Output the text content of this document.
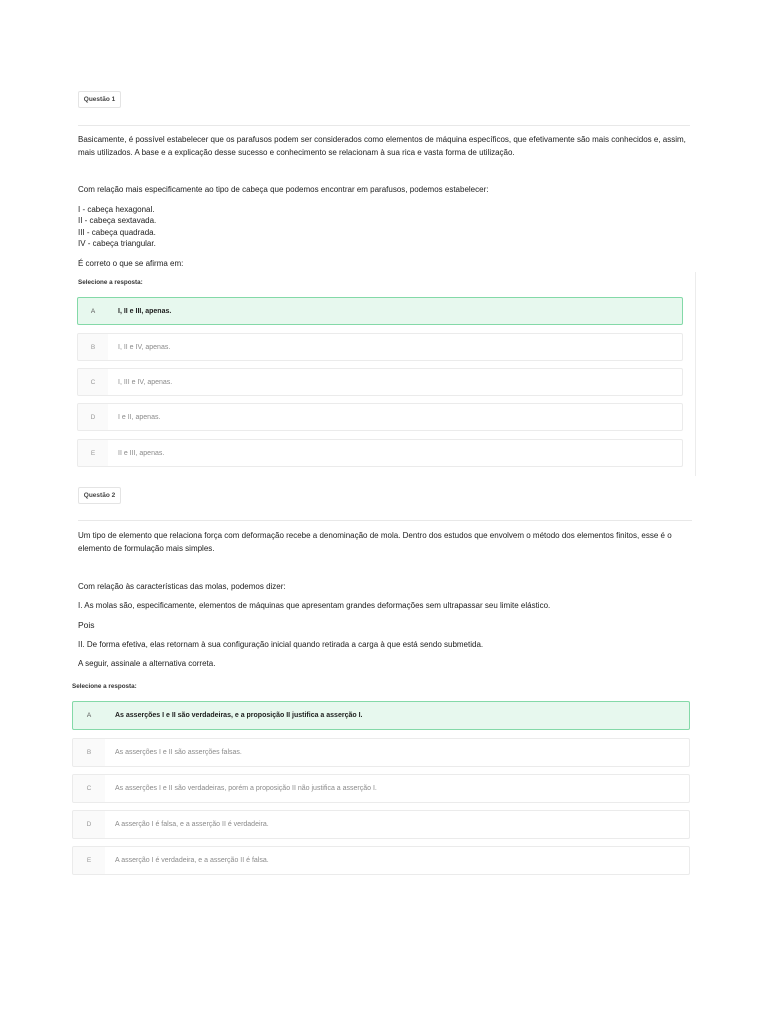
Questão 1

Basicamente, é possível estabelecer que os parafusos podem ser considerados como elementos de máquina específicos, que efetivamente são mais conhecidos e, assim, mais utilizados. A base e a explicação desse sucesso e conhecimento se relacionam à sua rica e vasta forma de utilização.

Com relação mais especificamente ao tipo de cabeça que podemos encontrar em parafusos, podemos estabelecer:

I - cabeça hexagonal.
II - cabeça sextavada.
III - cabeça quadrada.
IV - cabeça triangular.

É correto o que se afirma em:

Selecione a resposta:
A	I, II e III, apenas.
B	I, II e IV, apenas.
C	I, III e IV, apenas.
D	I e II, apenas.
E	II e III, apenas.
Questão 2

Um tipo de elemento que relaciona força com deformação recebe a denominação de mola. Dentro dos estudos que envolvem o método dos elementos finitos, esse é o elemento de formulação mais simples.

Com relação às características das molas, podemos dizer:

I. As molas são, especificamente, elementos de máquinas que apresentam grandes deformações sem ultrapassar seu limite elástico.

Pois

II. De forma efetiva, elas retornam à sua configuração inicial quando retirada a carga à que está sendo submetida.

A seguir, assinale a alternativa correta.

Selecione a resposta:
A	As asserções I e II são verdadeiras, e a proposição II justifica a asserção I.
B	As asserções I e II são asserções falsas.
C	As asserções I e II são verdadeiras, porém a proposição II não justifica a asserção I.
D	A asserção I é falsa, e a asserção II é verdadeira.
E	A asserção I é verdadeira, e a asserção II é falsa.
